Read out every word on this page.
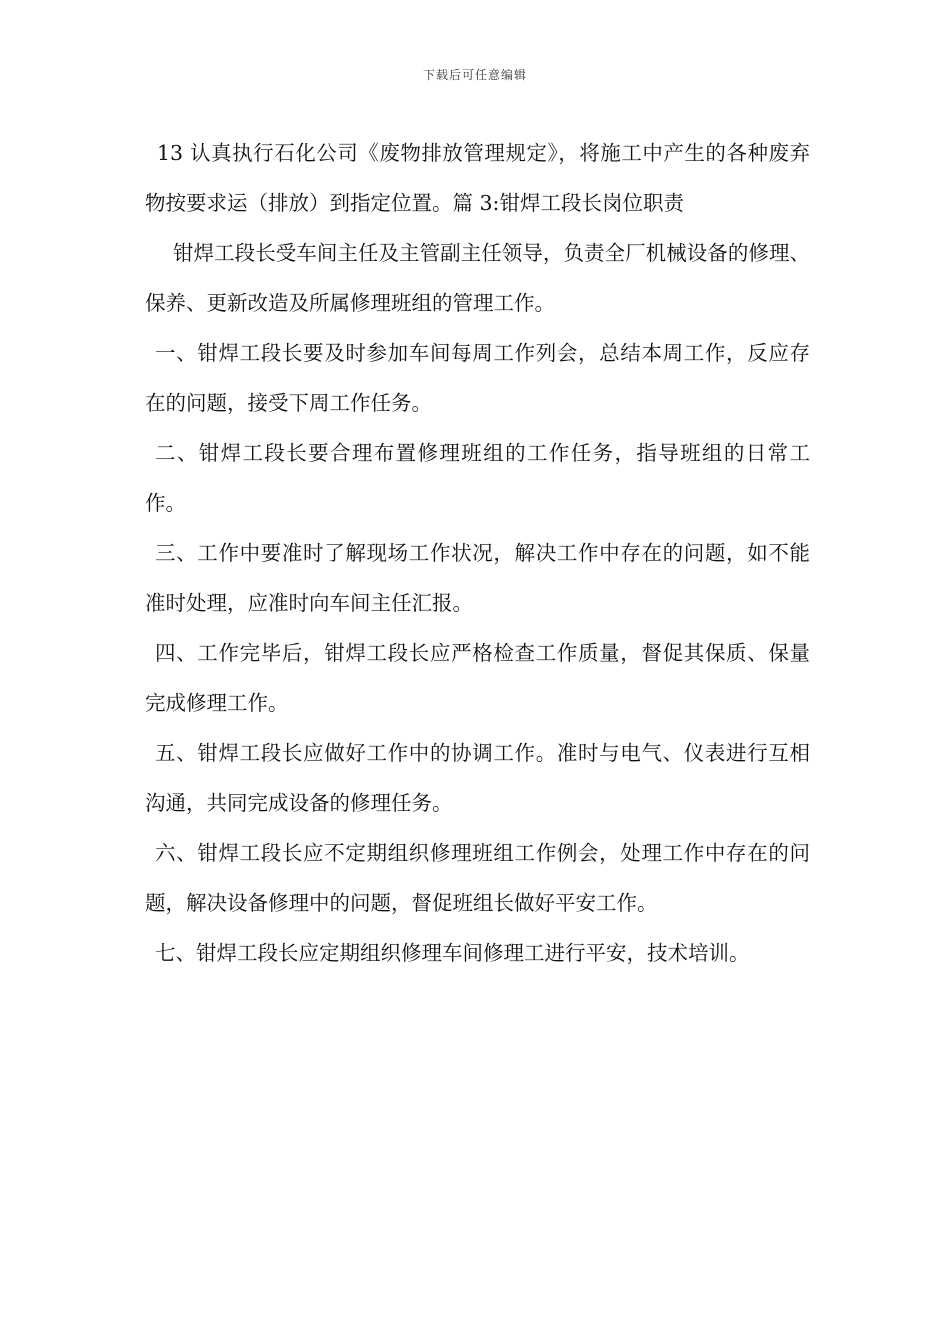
下载后可任意编辑

13 认真执行石化公司《废物排放管理规定》，将施工中产生的各种废弃物按要求运（排放）到指定位置。篇 3:钳焊工段长岗位职责

钳焊工段长受车间主任及主管副主任领导，负责全厂机械设备的修理、保养、更新改造及所属修理班组的管理工作。

一、钳焊工段长要及时参加车间每周工作列会，总结本周工作，反应存在的问题，接受下周工作任务。

二、钳焊工段长要合理布置修理班组的工作任务，指导班组的日常工作。

三、工作中要准时了解现场工作状况，解决工作中存在的问题，如不能准时处理，应准时向车间主任汇报。

四、工作完毕后，钳焊工段长应严格检查工作质量，督促其保质、保量完成修理工作。

五、钳焊工段长应做好工作中的协调工作。准时与电气、仪表进行互相沟通，共同完成设备的修理任务。

六、钳焊工段长应不定期组织修理班组工作例会，处理工作中存在的问题，解决设备修理中的问题，督促班组长做好平安工作。

七、钳焊工段长应定期组织修理车间修理工进行平安，技术培训。
